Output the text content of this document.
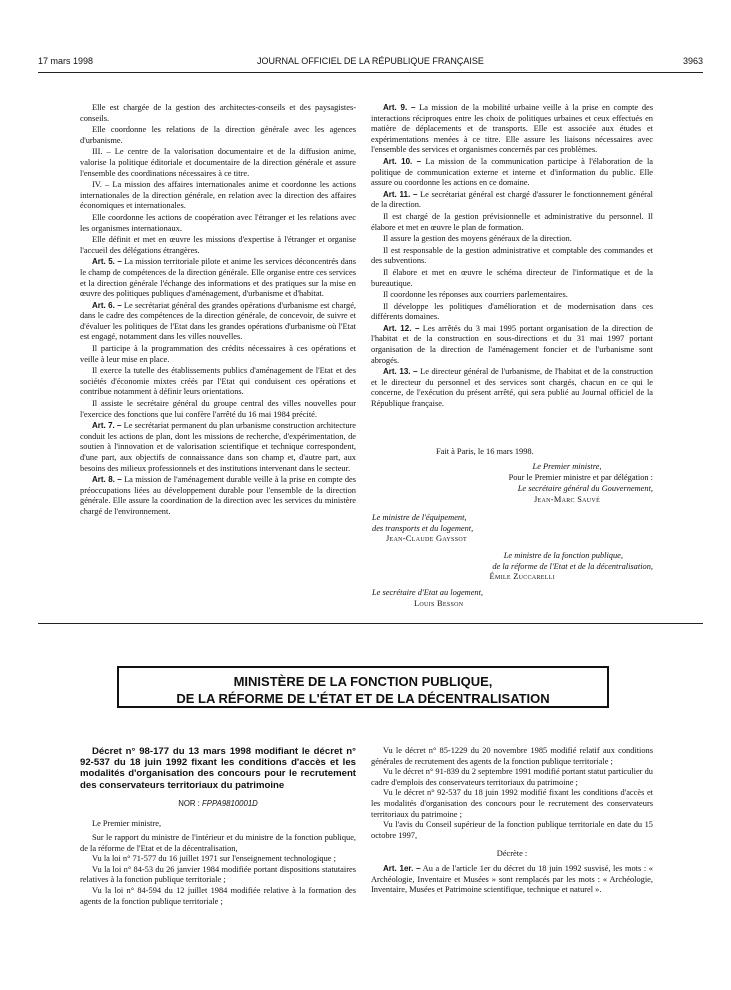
17 mars 1998	JOURNAL OFFICIEL DE LA RÉPUBLIQUE FRANÇAISE	3963

Elle est chargée de la gestion des architectes-conseils et des paysagistes-conseils.

Elle coordonne les relations de la direction générale avec les agences d'urbanisme.

III. – Le centre de la valorisation documentaire et de la diffusion anime, valorise la politique éditoriale et documentaire de la direction générale et assure l'ensemble des coordinations nécessaires à ce titre.

IV. – La mission des affaires internationales anime et coordonne les actions internationales de la direction générale, en relation avec la direction des affaires économiques et internationales.

Elle coordonne les actions de coopération avec l'étranger et les relations avec les organismes internationaux.

Elle définit et met en œuvre les missions d'expertise à l'étranger et organise l'accueil des délégations étrangères.

Art. 5. – La mission territoriale pilote et anime les services déconcentrés dans le champ de compétences de la direction générale. Elle organise entre ces services et la direction générale l'échange des informations et des pratiques sur la mise en œuvre des politiques publiques d'aménagement, d'urbanisme et d'habitat.

Art. 6. – Le secrétariat général des grandes opérations d'urbanisme est chargé, dans le cadre des compétences de la direction générale, de concevoir, de suivre et d'évaluer les politiques de l'Etat dans les grandes opérations d'urbanisme où l'Etat est engagé, notamment dans les villes nouvelles.

Il participe à la programmation des crédits nécessaires à ces opérations et veille à leur mise en place.

Il exerce la tutelle des établissements publics d'aménagement de l'Etat et des sociétés d'économie mixtes créés par l'Etat qui conduisent ces opérations et contribue notamment à définir leurs orientations.

Il assiste le secrétaire général du groupe central des villes nouvelles pour l'exercice des fonctions que lui confère l'arrêté du 16 mai 1984 précité.

Art. 7. – Le secrétariat permanent du plan urbanisme construction architecture conduit les actions de plan, dont les missions de recherche, d'expérimentation, de soutien à l'innovation et de valorisation scientifique et technique correspondent, d'une part, aux objectifs de connaissance dans son champ et, d'autre part, aux besoins des milieux professionnels et des institutions intervenant dans le secteur.

Art. 8. – La mission de l'aménagement durable veille à la prise en compte des préoccupations liées au développement durable pour l'ensemble de la direction générale. Elle assure la coordination de la direction avec les services du ministère chargé de l'environnement.

Art. 9. – La mission de la mobilité urbaine veille à la prise en compte des interactions réciproques entre les choix de politiques urbaines et ceux effectués en matière de déplacements et de transports. Elle est associée aux études et expérimentations menées à ce titre. Elle assure les liaisons nécessaires avec l'ensemble des services et organismes concernés par ces problèmes.

Art. 10. – La mission de la communication participe à l'élaboration de la politique de communication externe et interne et d'information du public. Elle assure ou coordonne les actions en ce domaine.

Art. 11. – Le secrétariat général est chargé d'assurer le fonctionnement général de la direction.

Il est chargé de la gestion prévisionnelle et administrative du personnel. Il élabore et met en œuvre le plan de formation.

Il assure la gestion des moyens généraux de la direction.

Il est responsable de la gestion administrative et comptable des commandes et des subventions.

Il élabore et met en œuvre le schéma directeur de l'informatique et de la bureautique.

Il coordonne les réponses aux courriers parlementaires.

Il développe les politiques d'amélioration et de modernisation dans ces différents domaines.

Art. 12. – Les arrêtés du 3 mai 1995 portant organisation de la direction de l'habitat et de la construction en sous-directions et du 31 mai 1997 portant organisation de la direction de l'aménagement foncier et de l'urbanisme sont abrogés.

Art. 13. – Le directeur général de l'urbanisme, de l'habitat et de la construction et le directeur du personnel et des services sont chargés, chacun en ce qui le concerne, de l'exécution du présent arrêté, qui sera publié au Journal officiel de la République française.

Fait à Paris, le 16 mars 1998.
Le Premier ministre,
Pour le Premier ministre et par délégation :
Le secrétaire général du Gouvernement,
Jean-Marc Sauvé
Le ministre de l'équipement,
des transports et du logement,
Jean-Claude Gayssot
Le ministre de la fonction publique,
de la réforme de l'Etat et de la décentralisation,
Émile Zuccarelli
Le secrétaire d'Etat au logement,
Louis Besson
MINISTÈRE DE LA FONCTION PUBLIQUE,
DE LA RÉFORME DE L'ÉTAT ET DE LA DÉCENTRALISATION
Décret n° 98-177 du 13 mars 1998 modifiant le décret n° 92-537 du 18 juin 1992 fixant les conditions d'accès et les modalités d'organisation des concours pour le recrutement des conservateurs territoriaux du patrimoine
NOR : FPPA9810001D

Le Premier ministre,

Sur le rapport du ministre de l'intérieur et du ministre de la fonction publique, de la réforme de l'Etat et de la décentralisation,

Vu la loi n° 71-577 du 16 juillet 1971 sur l'enseignement technologique ;

Vu la loi n° 84-53 du 26 janvier 1984 modifiée portant dispositions statutaires relatives à la fonction publique territoriale ;

Vu la loi n° 84-594 du 12 juillet 1984 modifiée relative à la formation des agents de la fonction publique territoriale ;

Vu le décret n° 85-1229 du 20 novembre 1985 modifié relatif aux conditions générales de recrutement des agents de la fonction publique territoriale ;

Vu le décret n° 91-839 du 2 septembre 1991 modifié portant statut particulier du cadre d'emplois des conservateurs territoriaux du patrimoine ;

Vu le décret n° 92-537 du 18 juin 1992 modifié fixant les conditions d'accès et les modalités d'organisation des concours pour le recrutement des conservateurs territoriaux du patrimoine ;

Vu l'avis du Conseil supérieur de la fonction publique territoriale en date du 15 octobre 1997,

Décrète :

Art. 1er. – Au a de l'article 1er du décret du 18 juin 1992 susvisé, les mots : « Archéologie, Inventaire et Musées » sont remplacés par les mots : « Archéologie, Inventaire, Musées et Patrimoine scientifique, technique et naturel ».
